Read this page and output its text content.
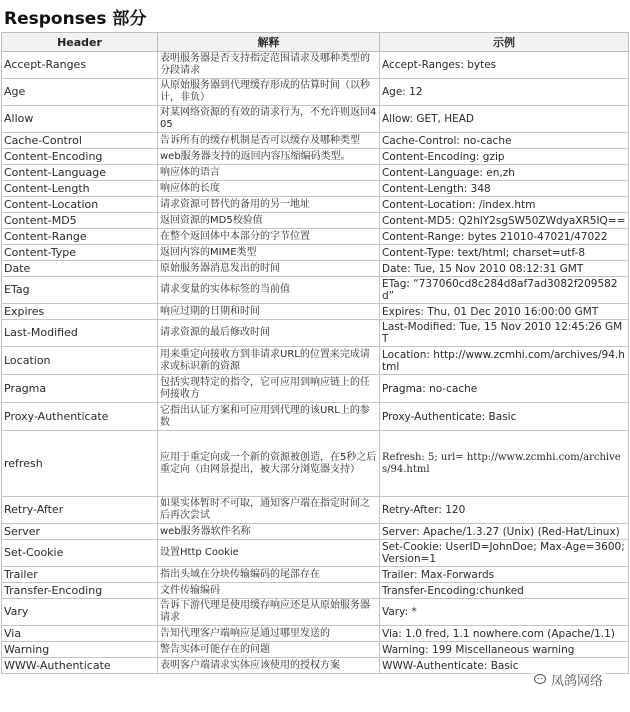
Responses 部分
Header	解释	示例
Accept-Ranges	表明服务器是否支持指定范围请求及哪种类型的分段请求	Accept-Ranges: bytes
Age	从原始服务器到代理缓存形成的估算时间（以秒计，非负）	Age: 12
Allow	对某网络资源的有效的请求行为，不允许则返回405	Allow: GET, HEAD
Cache-Control	告诉所有的缓存机制是否可以缓存及哪种类型	Cache-Control: no-cache
Content-Encoding	web服务器支持的返回内容压缩编码类型。	Content-Encoding: gzip
Content-Language	响应体的语言	Content-Language: en,zh
Content-Length	响应体的长度	Content-Length: 348
Content-Location	请求资源可替代的备用的另一地址	Content-Location: /index.htm
Content-MD5	返回资源的MD5校验值	Content-MD5: Q2hlY2sgSW50ZWdyaXR5IQ==
Content-Range	在整个返回体中本部分的字节位置	Content-Range: bytes 21010-47021/47022
Content-Type	返回内容的MIME类型	Content-Type: text/html; charset=utf-8
Date	原始服务器消息发出的时间	Date: Tue, 15 Nov 2010 08:12:31 GMT
ETag	请求变量的实体标签的当前值	ETag: “737060cd8c284d8af7ad3082f209582d”
Expires	响应过期的日期和时间	Expires: Thu, 01 Dec 2010 16:00:00 GMT
Last-Modified	请求资源的最后修改时间	Last-Modified: Tue, 15 Nov 2010 12:45:26 GMT
Location	用来重定向接收方到非请求URL的位置来完成请求或标识新的资源	Location: http://www.zcmhi.com/archives/94.html
Pragma	包括实现特定的指令，它可应用到响应链上的任何接收方	Pragma: no-cache
Proxy-Authenticate	它指出认证方案和可应用到代理的该URL上的参数	Proxy-Authenticate: Basic
refresh	应用于重定向或一个新的资源被创造，在5秒之后重定向（由网景提出，被大部分浏览器支持）	Refresh: 5; url= http://www.zcmhi.com/archives/94.html
Retry-After	如果实体暂时不可取，通知客户端在指定时间之后再次尝试	Retry-After: 120
Server	web服务器软件名称	Server: Apache/1.3.27 (Unix) (Red-Hat/Linux)
Set-Cookie	设置Http Cookie	Set-Cookie: UserID=JohnDoe; Max-Age=3600; Version=1
Trailer	指出头域在分块传输编码的尾部存在	Trailer: Max-Forwards
Transfer-Encoding	文件传输编码	Transfer-Encoding:chunked
Vary	告诉下游代理是使用缓存响应还是从原始服务器请求	Vary: *
Via	告知代理客户端响应是通过哪里发送的	Via: 1.0 fred, 1.1 nowhere.com (Apache/1.1)
Warning	警告实体可能存在的问题	Warning: 199 Miscellaneous warning
WWW-Authenticate	表明客户端请求实体应该使用的授权方案	WWW-Authenticate: Basic
凤鸽网络
